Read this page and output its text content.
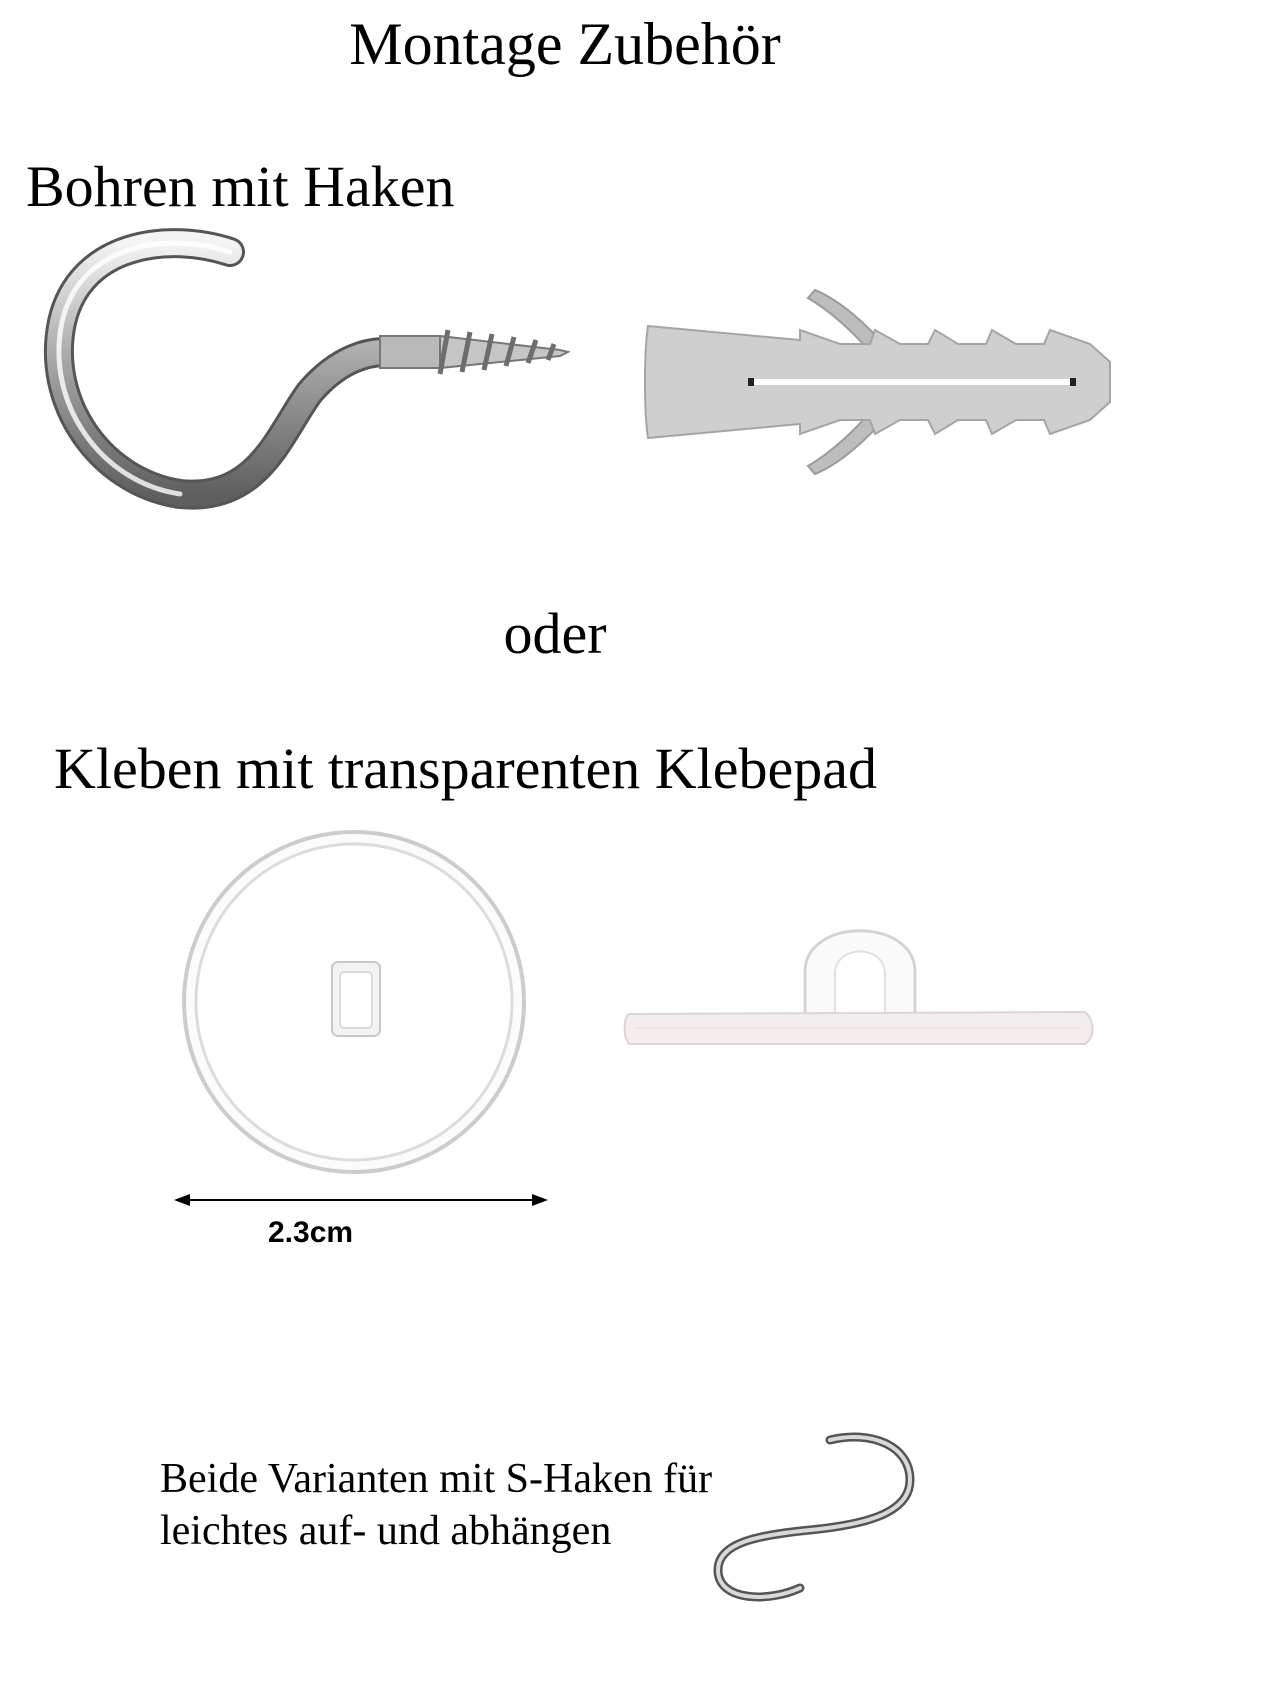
Montage Zubehör
Bohren mit Haken
oder
Kleben mit transparenten Klebepad
2.3cm
Beide Varianten mit S-Haken für
leichtes auf- und abhängen
